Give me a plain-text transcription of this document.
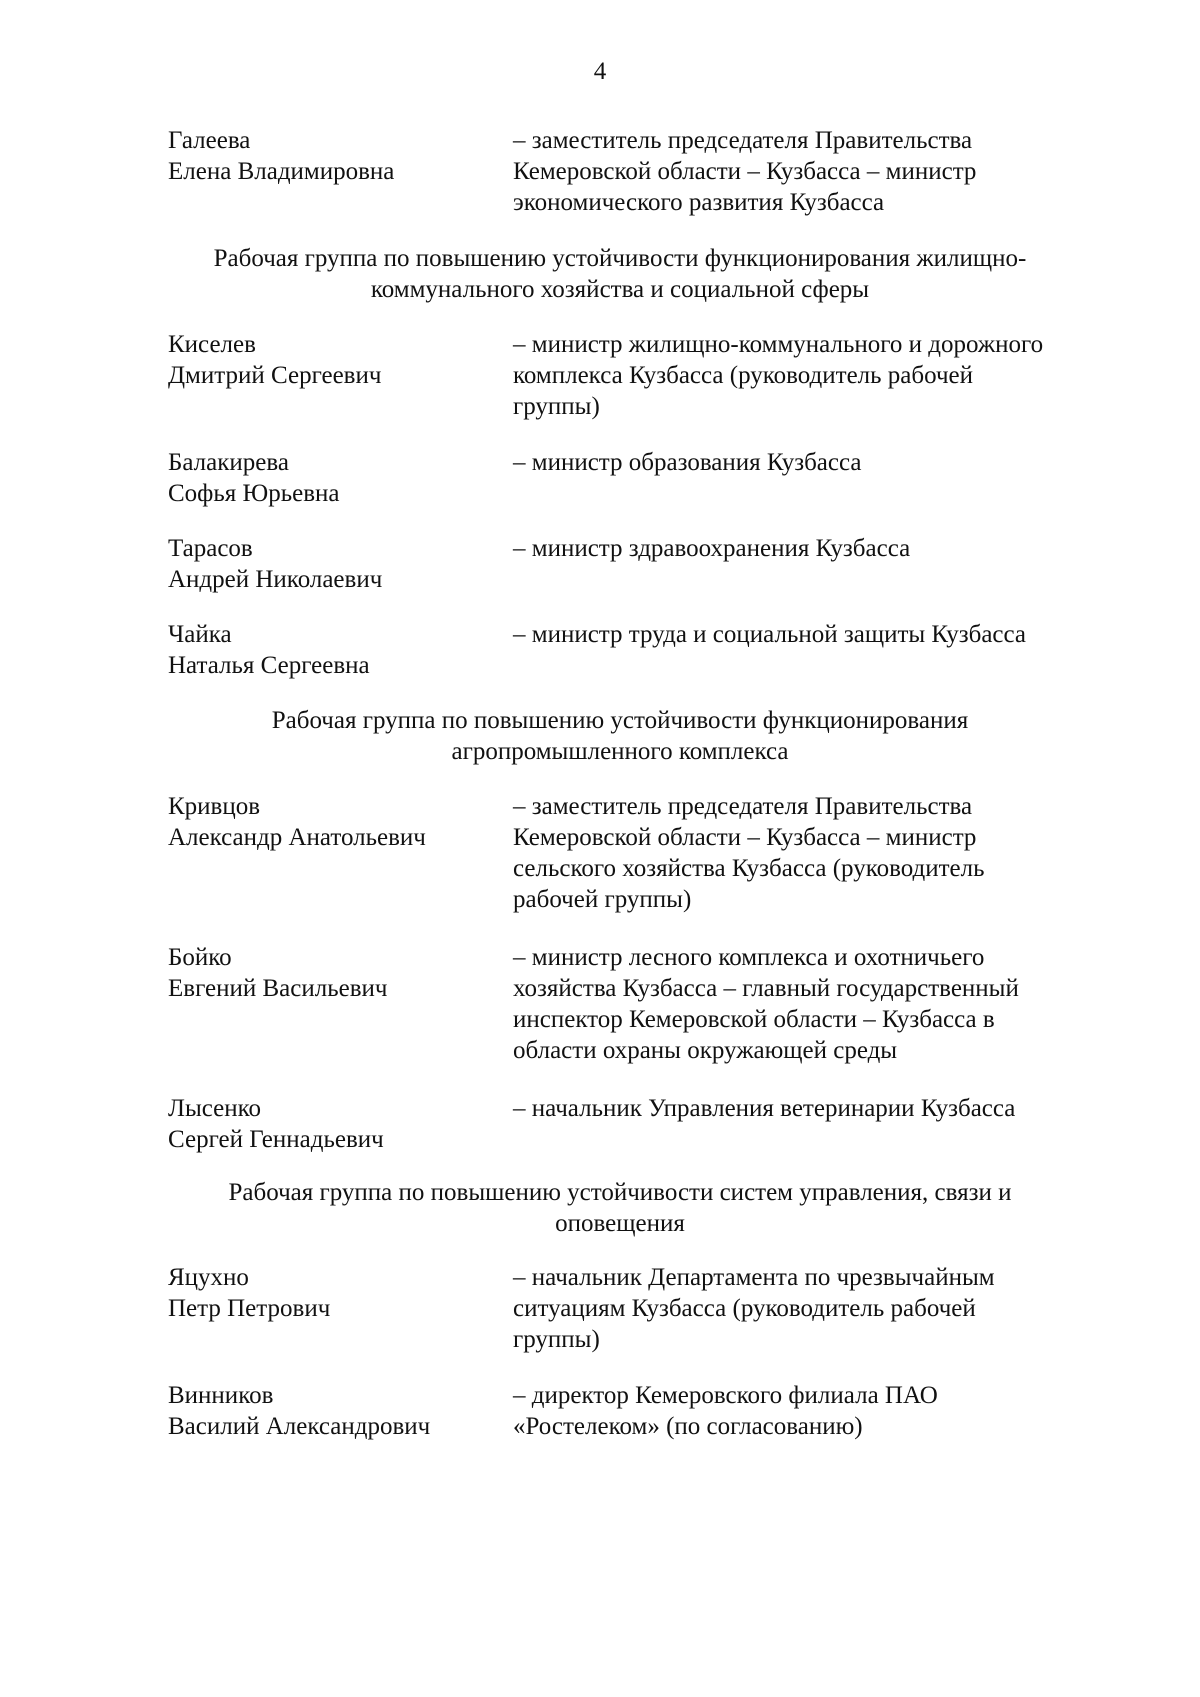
4
Галеева
Елена Владимировна
– заместитель председателя Правительства
Кемеровской области – Кузбасса – министр
экономического развития Кузбасса
Рабочая группа по повышению устойчивости функционирования жилищно-
коммунального хозяйства и социальной сферы
Киселев
Дмитрий Сергеевич
– министр жилищно-коммунального и дорожного
комплекса Кузбасса (руководитель рабочей
группы)
Балакирева
Софья Юрьевна
– министр образования Кузбасса
Тарасов
Андрей Николаевич
– министр здравоохранения Кузбасса
Чайка
Наталья Сергеевна
– министр труда и социальной защиты Кузбасса
Рабочая группа по повышению устойчивости функционирования
агропромышленного комплекса
Кривцов
Александр Анатольевич
– заместитель председателя Правительства
Кемеровской области – Кузбасса – министр
сельского хозяйства Кузбасса (руководитель
рабочей группы)
Бойко
Евгений Васильевич
– министр лесного комплекса и охотничьего
хозяйства Кузбасса – главный государственный
инспектор Кемеровской области – Кузбасса в
области охраны окружающей среды
Лысенко
Сергей Геннадьевич
– начальник Управления ветеринарии Кузбасса
Рабочая группа по повышению устойчивости систем управления, связи и
оповещения
Яцухно
Петр Петрович
– начальник Департамента по чрезвычайным
ситуациям Кузбасса (руководитель рабочей
группы)
Винников
Василий Александрович
– директор Кемеровского филиала ПАО
«Ростелеком» (по согласованию)
